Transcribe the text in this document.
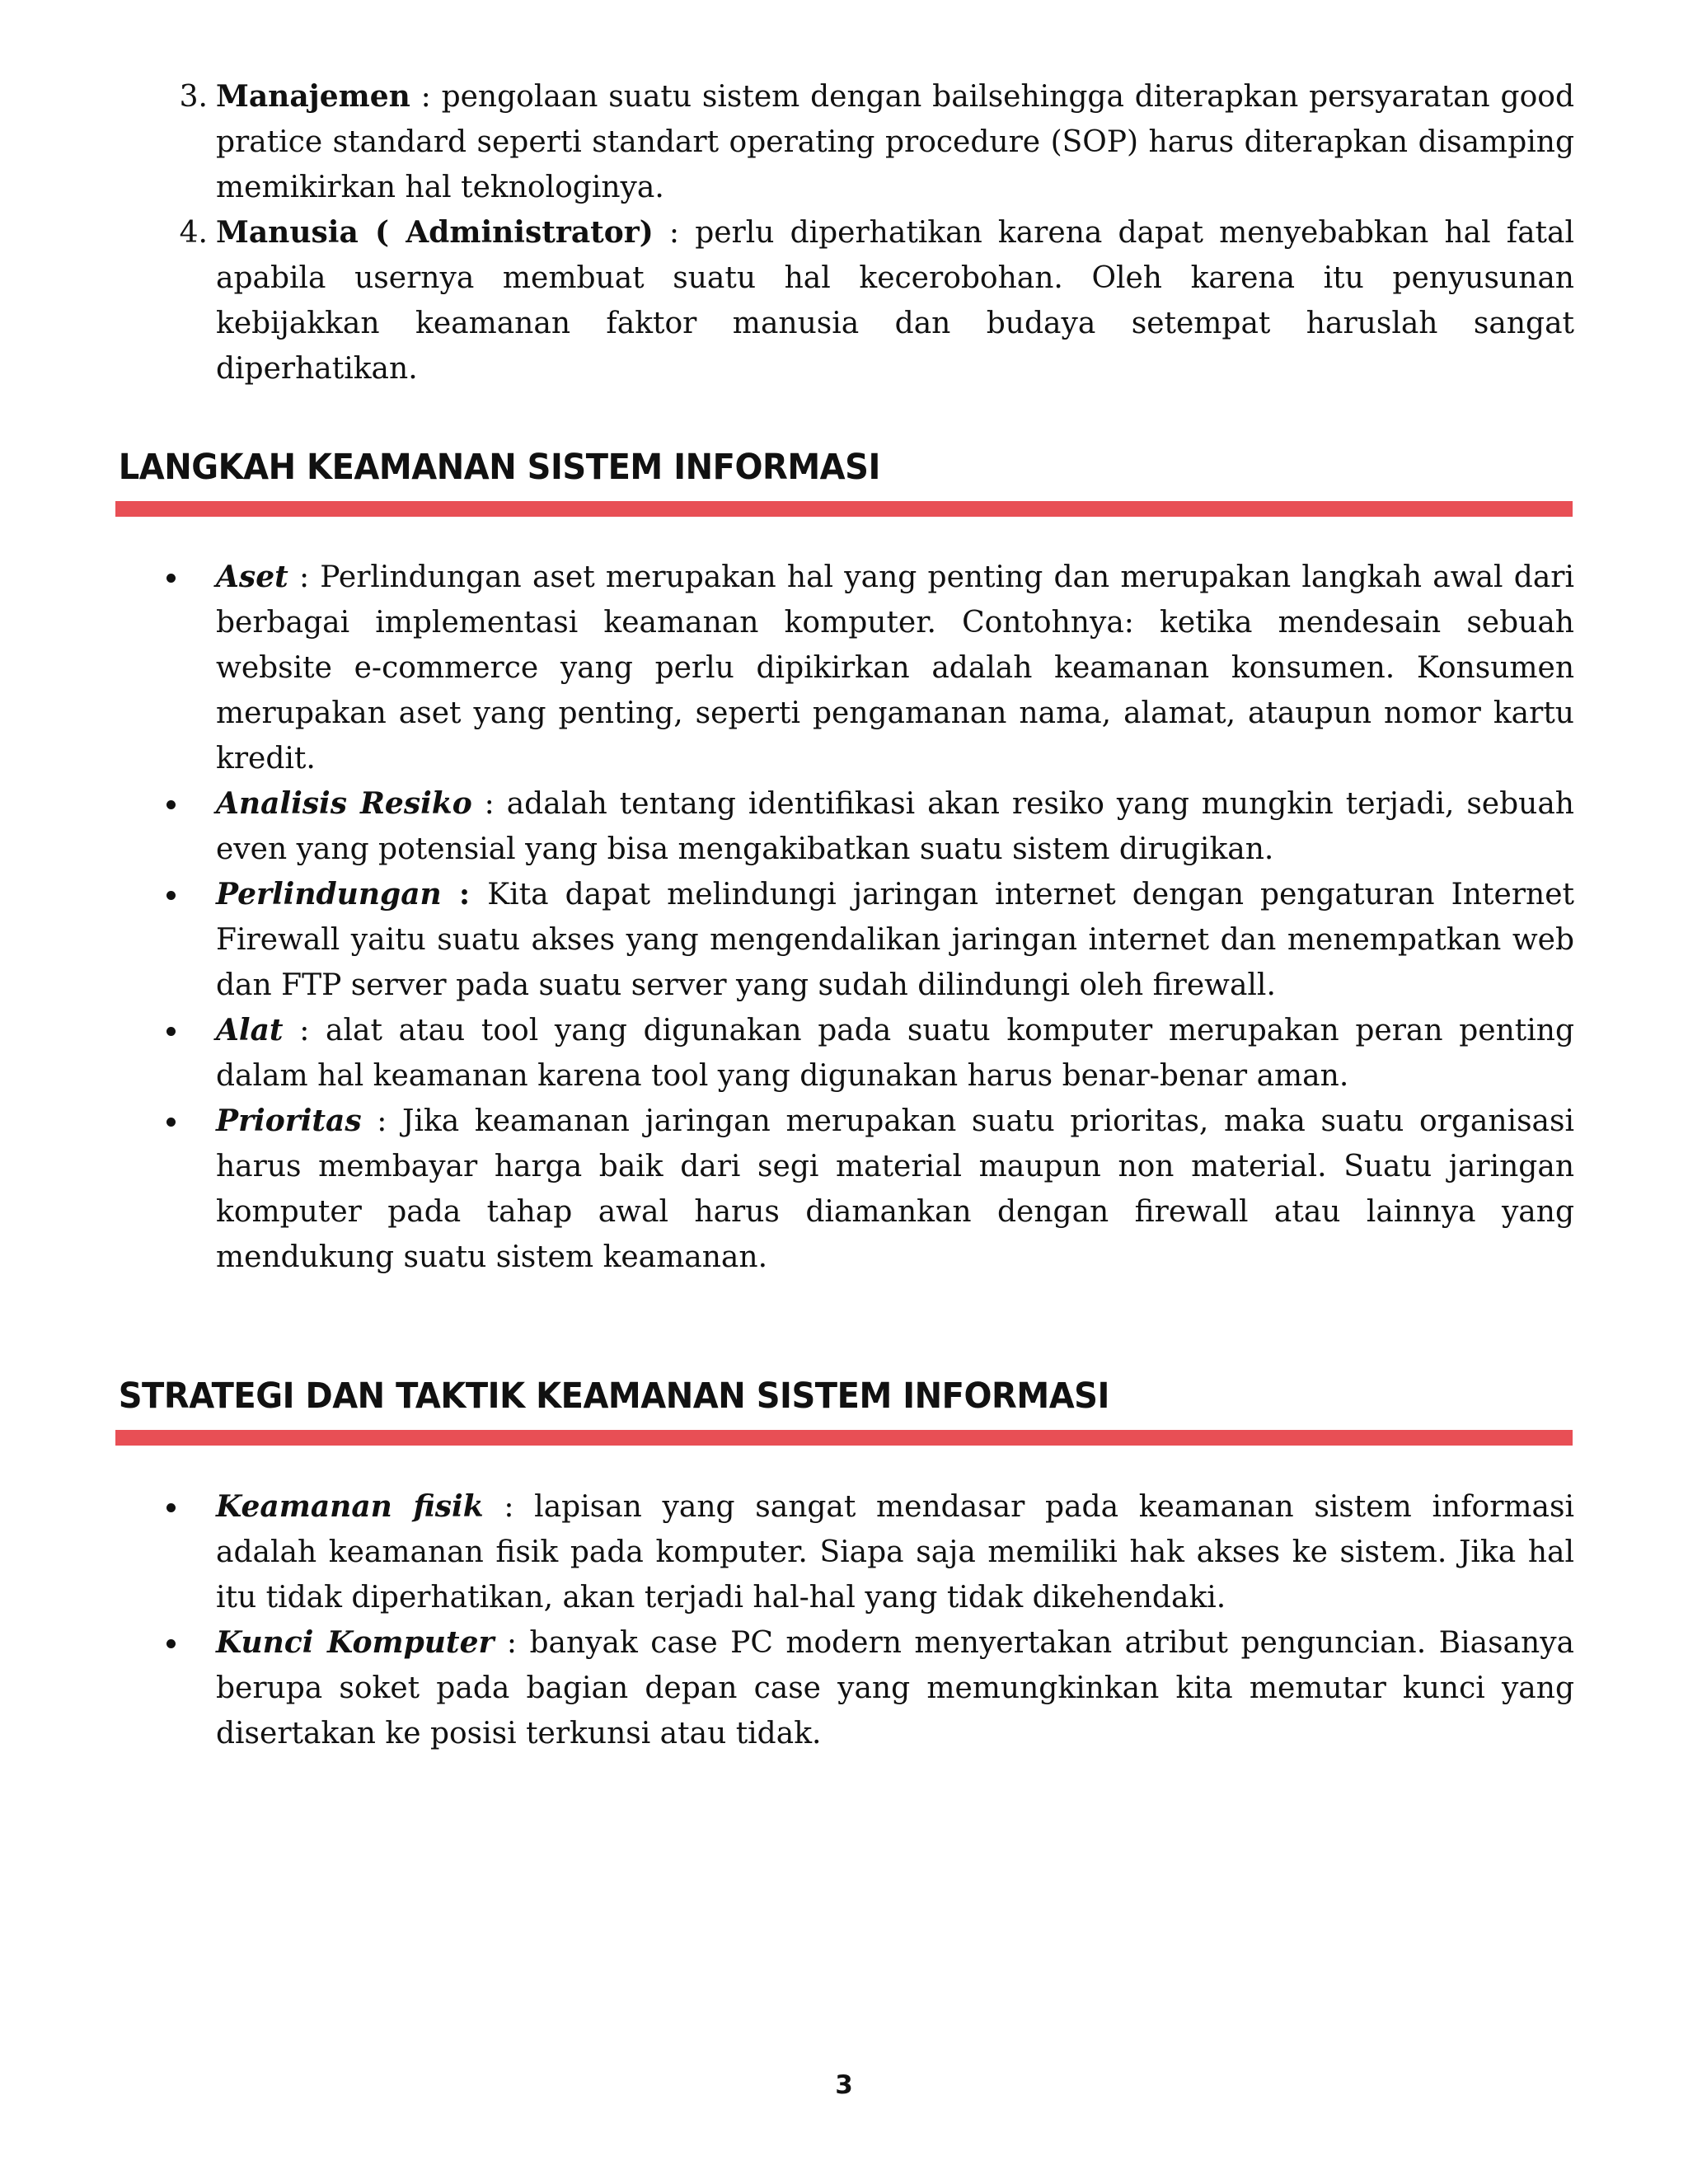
3. Manajemen : pengolaan suatu sistem dengan bailsehingga diterapkan persyaratan good pratice standard seperti standart operating procedure (SOP) harus diterapkan disamping memikirkan hal teknologinya.
4. Manusia ( Administrator) : perlu diperhatikan karena dapat menyebabkan hal fatal apabila usernya membuat suatu hal kecerobohan. Oleh karena itu penyusunan kebijakkan keamanan faktor manusia dan budaya setempat haruslah sangat diperhatikan.
LANGKAH KEAMANAN SISTEM INFORMASI
Aset : Perlindungan aset merupakan hal yang penting dan merupakan langkah awal dari berbagai implementasi keamanan komputer. Contohnya: ketika mendesain sebuah website e-commerce yang perlu dipikirkan adalah keamanan konsumen. Konsumen merupakan aset yang penting, seperti pengamanan nama, alamat, ataupun nomor kartu kredit.
Analisis Resiko : adalah tentang identifikasi akan resiko yang mungkin terjadi, sebuah even yang potensial yang bisa mengakibatkan suatu sistem dirugikan.
Perlindungan : Kita dapat melindungi jaringan internet dengan pengaturan Internet Firewall yaitu suatu akses yang mengendalikan jaringan internet dan menempatkan web dan FTP server pada suatu server yang sudah dilindungi oleh firewall.
Alat : alat atau tool yang digunakan pada suatu komputer merupakan peran penting dalam hal keamanan karena tool yang digunakan harus benar-benar aman.
Prioritas : Jika keamanan jaringan merupakan suatu prioritas, maka suatu organisasi harus membayar harga baik dari segi material maupun non material. Suatu jaringan komputer pada tahap awal harus diamankan dengan firewall atau lainnya yang mendukung suatu sistem keamanan.
STRATEGI DAN TAKTIK KEAMANAN SISTEM INFORMASI
Keamanan fisik : lapisan yang sangat mendasar pada keamanan sistem informasi adalah keamanan fisik pada komputer. Siapa saja memiliki hak akses ke sistem. Jika hal itu tidak diperhatikan, akan terjadi hal-hal yang tidak dikehendaki.
Kunci Komputer : banyak case PC modern menyertakan atribut penguncian. Biasanya berupa soket pada bagian depan case yang memungkinkan kita memutar kunci yang disertakan ke posisi terkunsi atau tidak.
3
